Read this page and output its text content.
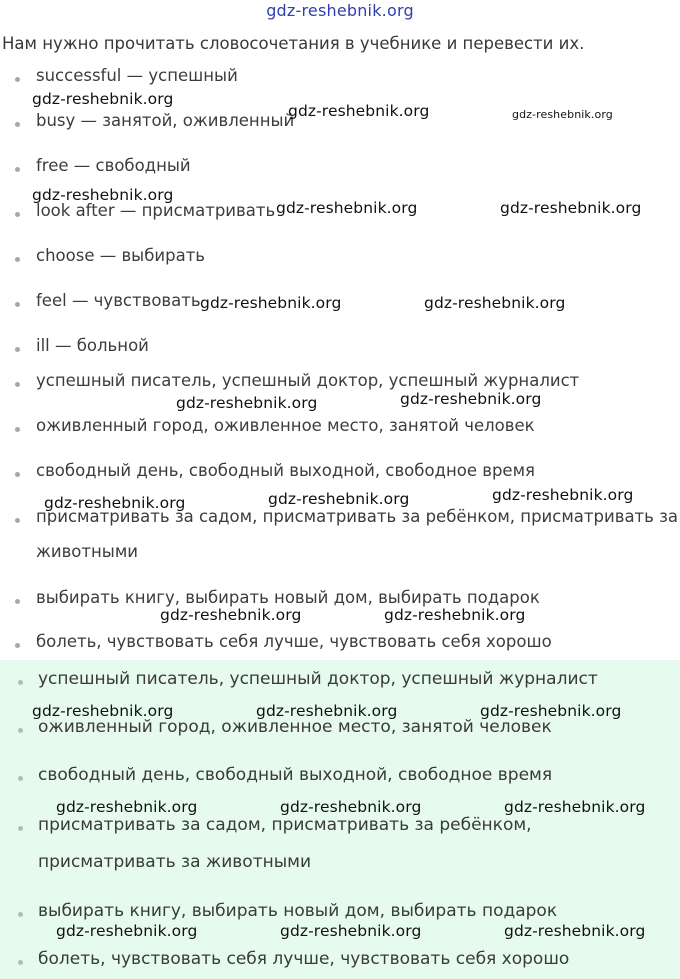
gdz-reshebnik.org
Нам нужно прочитать словосочетания в учебнике и перевести их.
successful — успешный
busy — занятой, оживленный
free — свободный
look after — присматривать
choose — выбирать
feel — чувствовать
ill — больной
успешный писатель, успешный доктор, успешный журналист
оживленный город, оживленное место, занятой человек
свободный день, свободный выходной, свободное время
присматривать за садом, присматривать за ребёнком, присматривать за
животными
выбирать книгу, выбирать новый дом, выбирать подарок
болеть, чувствовать себя лучше, чувствовать себя хорошо
успешный писатель, успешный доктор, успешный журналист
оживленный город, оживленное место, занятой человек
свободный день, свободный выходной, свободное время
присматривать за садом, присматривать за ребёнком,
присматривать за животными
выбирать книгу, выбирать новый дом, выбирать подарок
болеть, чувствовать себя лучше, чувствовать себя хорошо
gdz-reshebnik.org
gdz-reshebnik.org	gdz-reshebnik.org
gdz-reshebnik.org
gdz-reshebnik.org	gdz-reshebnik.org
gdz-reshebnik.org	gdz-reshebnik.org
gdz-reshebnik.org	gdz-reshebnik.org
gdz-reshebnik.org	gdz-reshebnik.org	gdz-reshebnik.org
gdz-reshebnik.org	gdz-reshebnik.org
gdz-reshebnik.org	gdz-reshebnik.org	gdz-reshebnik.org
gdz-reshebnik.org	gdz-reshebnik.org	gdz-reshebnik.org
gdz-reshebnik.org	gdz-reshebnik.org	gdz-reshebnik.org
